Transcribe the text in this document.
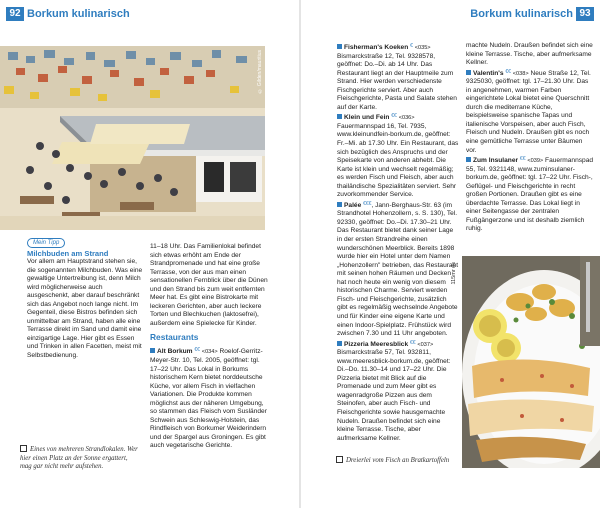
92 Borkum kulinarisch	Borkum kulinarisch 93
© Gilden/mauritius
Mein Tipp
Milchbuden am Strand

Vor allem am Hauptstrand stehen sie, die sogenannten Milchbuden. Was eine gewaltige Untertreibung ist, denn Milch wird möglicherweise auch ausgeschenkt, aber darauf beschränkt sich das Angebot noch lange nicht. Im Gegenteil, diese Bistros befinden sich unmittelbar am Strand, haben alle eine Terrasse direkt im Sand und damit eine einzigartige Lage. Hier gibt es Essen und Trinken in allen Facetten, meist mit Selbstbedienung.

Eines von mehreren Strandlokalen. Wer hier einen Platz an der Sonne ergattert, mag gar nicht mehr aufstehen.

11–18 Uhr. Das Familienlokal befindet sich etwas erhöht am Ende der Strandpromenade und hat eine große Terrasse, von der aus man einen sensationellen Fernblick über die Dünen und den Strand bis zum weit entfernten Meer hat. Es gibt eine Bistrokarte mit leckeren Gerichten, aber auch leckere Torten und Blechkuchen (laktosefrei), außerdem eine Spielecke für Kinder.

Restaurants

Alt Borkum €€ <034> Roelof-Gerritz-Meyer-Str. 10, Tel. 2005, geöffnet: tgl. 17–22 Uhr. Das Lokal in Borkums historischem Kern bietet norddeutsche Küche, vor allem Fisch in vielfachen Variationen. Die Produkte kommen möglichst aus der näheren Umgebung, so stammen das Fleisch vom Susländer Schwein aus Schleswig-Holstein, das Rindfleisch von Borkumer Weiderindern und der Spargel aus Groningen. Es gibt auch vegetarische Gerichte.

Fisherman's Koeken € <035> Bismarckstraße 12, Tel. 9328578, geöffnet: Do.–Di. ab 14 Uhr. Das Restaurant liegt an der Hauptmeile zum Strand. Hier werden verschiedenste Fischgerichte serviert. Aber auch Fleischgerichte, Pasta und Salate stehen auf der Karte.

Klein und Fein €€ <036> Fauermannspad 16, Tel. 7935, www.kleinundfein-borkum.de, geöffnet: Fr.–Mi. ab 17.30 Uhr. Ein Restaurant, das sich bezüglich des Anspruchs und der Speisekarte von anderen abhebt. Die Karte ist klein und wechselt regelmäßig; es werden Fisch und Fleisch, aber auch thailändische Spezialitäten serviert. Sehr zuvorkommender Service.

Palée €€€, Jann-Berghaus-Str. 63 (im Strandhotel Hohenzollern, s. S. 130), Tel. 92330, geöffnet: Do.–Di. 17.30–21 Uhr. Das Restaurant bietet dank seiner Lage in der ersten Strandreihe einen wunderschönen Meerblick. Bereits 1898 wurde hier ein Hotel unter dem Namen „Hohenzollern" betrieben, das Restaurant mit seinen hohen Räumen und Decken hat noch heute ein wenig von diesem historischen Charme. Serviert werden Fisch- und Fleischgerichte, zusätzlich gibt es regelmäßig wechselnde Angebote und für Kinder eine eigene Karte und einen Indoor-Spielplatz. Frühstück wird zwischen 7.30 und 11 Uhr angeboten.

Pizzeria Meeresblick €€ <037> Bismarckstraße 57, Tel. 932811, www.meeresblick-borkum.de, geöffnet: Di.–Do. 11.30–14 und 17–22 Uhr. Die Pizzeria bietet mit Blick auf die Promenade und zum Meer gibt es wagenradgroße Pizzen aus dem Steinofen, aber auch Fisch- und Fleischgerichte sowie hausgemachte Nudeln. Draußen befindet sich eine kleine Terrasse. Tische, aber aufmerksame Kellner.

Dreierlei vom Fisch an Bratkartoffeln

machte Nudeln. Draußen befindet sich eine kleine Terrasse. Tische, aber aufmerksame Kellner.

Valentin's €€ <038> Neue Straße 12, Tel. 9325030, geöffnet: tgl. 17–21.30 Uhr. Das in angenehmen, warmen Farben eingerichtete Lokal bietet eine Querschnitt durch die mediterrane Küche, beispielsweise spanische Tapas und italienische Vorspeisen, aber auch Fisch, Fleisch und Nudeln. Draußen gibt es noch eine gemütliche Terrasse unter Bäumen vor.

Zum Insulaner €€ <039> Fauermannspad 55, Tel. 9321148, www.zuminsulaner-borkum.de, geöffnet: tgl. 17–22 Uhr. Fisch-, Geflügel- und Fleischgerichte in recht großen Portionen. Draußen gibt es eine überdachte Terrasse. Das Lokal liegt in einer Seitengasse der zentralen Fußgängerzone und ist deshalb ziemlich ruhig.

115mr ds
